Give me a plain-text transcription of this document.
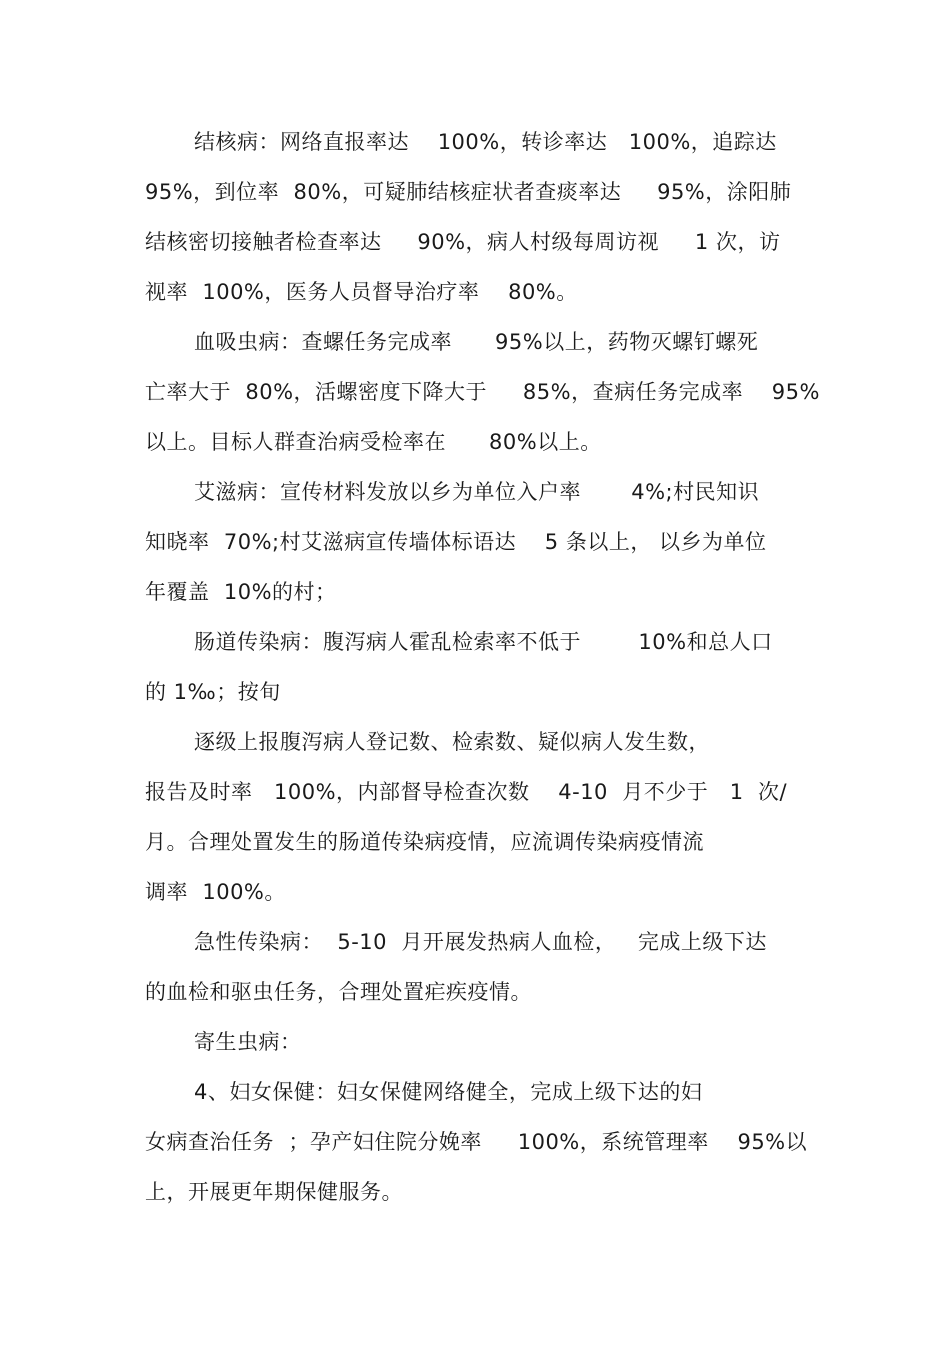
结核病：网络直报率达    100%，转诊率达   100%，追踪达
95%，到位率  80%，可疑肺结核症状者查痰率达     95%，涂阳肺
结核密切接触者检查率达     90%，病人村级每周访视     1 次，访
视率  100%，医务人员督导治疗率    80%。
血吸虫病：查螺任务完成率      95%以上，药物灭螺钉螺死
亡率大于  80%，活螺密度下降大于     85%，查病任务完成率    95%
以上。目标人群查治病受检率在      80%以上。
艾滋病：宣传材料发放以乡为单位入户率       4%;村民知识
知晓率  70%;村艾滋病宣传墙体标语达    5 条以上， 以乡为单位
年覆盖  10%的村；
肠道传染病：腹泻病人霍乱检索率不低于        10%和总人口
的 1‰；按旬
逐级上报腹泻病人登记数、检索数、疑似病人发生数，
报告及时率   100%，内部督导检查次数    4-10  月不少于   1  次/
月。合理处置发生的肠道传染病疫情，应流调传染病疫情流
调率  100%。
急性传染病：  5-10  月开展发热病人血检，   完成上级下达
的血检和驱虫任务，合理处置疟疾疫情。
寄生虫病：
4、妇女保健：妇女保健网络健全，完成上级下达的妇
女病查治任务  ；孕产妇住院分娩率     100%，系统管理率    95%以
上，开展更年期保健服务。
